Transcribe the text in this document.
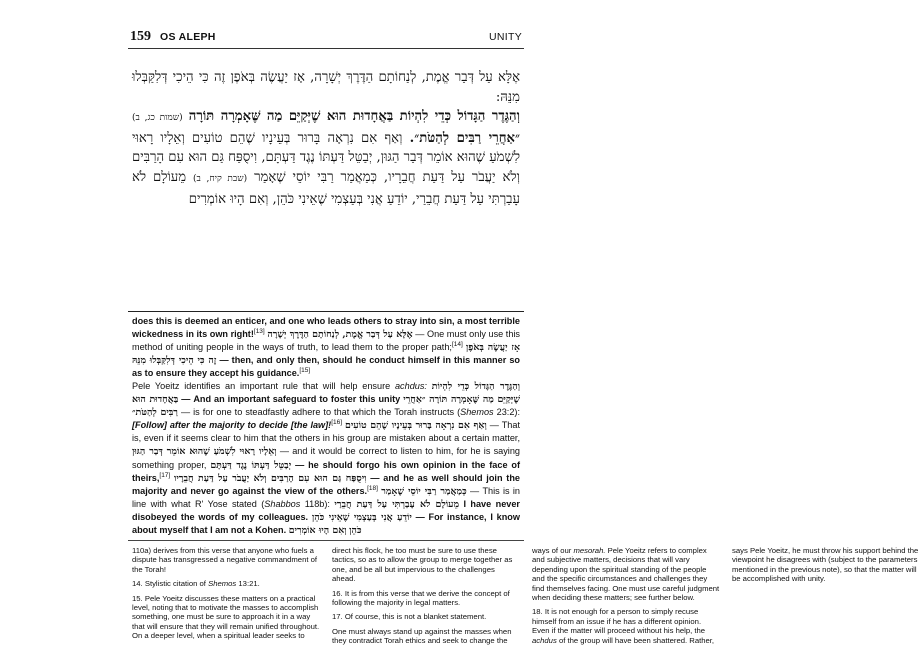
159 OS ALEPH	UNITY
אֶלָּא עַל דְּבַר אֱמֶת, לְנַחוֹתָם הַדֶּרֶךְ יְשָׁרָה, אָז יַעֲשֶׂה בְּאֹפֶן זֶה כִּי הֵיכִי דְּלִקַּבְּלוּ מִנֵּהּ:
וְהַגֶּדֶר הַגָּדוֹל כְּדֵי לִהְיוֹת בַּאֲחָדוּת הוּא שֶׁיְּקַיֵּם מַה שֶּׁאָמְרָה תּוֹרָה (שמות כג, ב) ״אַחֲרֵי רַבִּים לְהַטֹּת״. וְאַף אִם נִרְאָה בָּרוּר בְּעֵינָיו שֶׁהֵם טוֹעִים וְאֵלָיו רָאוּי לִשְׁמֹעַ שֶׁהוּא אוֹמֵר דְּבַר הַגּוּן, יְבַטֵּל דַּעְתּוֹ נֶגֶד דַּעְתָּם, וִיסֻפַּח גַּם הוּא עִם הָרַבִּים וְלֹא יַעֲבֹר עַל דַּעַת חֲבֵרָיו, כְּמַאֲמַר רַבִּי יוֹסֵי שֶׁאָמַר (שבת קיח, ב) מֵעוֹלָם לֹא עָבַרְתִּי עַל דַּעַת חֲבֵרַי, יוֹדֵעַ אֲנִי בְּעַצְמִי שֶׁאֵינִי כֹּהֵן, וְאִם הָיוּ אוֹמְרִים

does this is deemed an enticer, and one who leads others to stray into sin, a most terrible wickedness in its own right![13] אֶלָּא עַל דְּבַר אֱמֶת, לְנַחוֹתָם הַדֶּרֶךְ יְשָׁרָה — One must only use this method of uniting people in the ways of truth, to lead them to the proper path;[14] אָז יַעֲשֶׂה בְּאֹפֶן זֶה כִּי הֵיכִי דְּלִקַּבְּלוּ מִנֵּהּ — then, and only then, should he conduct himself in this manner so as to ensure they accept his guidance.[15]

Pele Yoeitz identifies an important rule that will help ensure achdus: וְהַגֶּדֶר הַגָּדוֹל כְּדֵי לִהְיוֹת בַּאֲחָדוּת הוּא — And an important safeguard to foster this unity שֶׁיְּקַיֵּם מַה שֶּׁאָמְרָה תּוֹרָה ״אַחֲרֵי רַבִּים לְהַטֹּת״ — is for one to steadfastly adhere to that which the Torah instructs (Shemos 23:2): [Follow] after the majority to decide [the law]![16] וְאַף אִם נִרְאָה בָּרוּר בְּעֵינָיו שֶׁהֵם טוֹעִים — That is, even if it seems clear to him that the others in his group are mistaken about a certain matter, וְאֵלָיו רָאוּי לִשְׁמֹעַ שֶׁהוּא אוֹמֵר דְּבַר הַגּוּן — and it would be correct to listen to him, for he is saying something proper, יְבַטֵּל דַּעְתּוֹ נֶגֶד דַּעְתָּם — he should forgo his own opinion in the face of theirs,[17] וִיסֻפַּח גַּם הוּא עִם הָרַבִּים וְלֹא יַעֲבֹר עַל דַּעַת חֲבֵרָיו — and he as well should join the majority and never go against the view of the others.[18] כְּמַאֲמַר רַבִּי יוֹסֵי שֶׁאָמַר — This is in line with what R' Yose stated (Shabbos 118b): מֵעוֹלָם לֹא עָבַרְתִּי עַל דַּעַת חֲבֵרַי I have never disobeyed the words of my colleagues. יוֹדֵעַ אֲנִי בְּעַצְמִי שֶׁאֵינִי כֹּהֵן — For instance, I know about myself that I am not a Kohen. וְאִם הָיוּ אוֹמְרִים כֹּהֵן

110a) derives from this verse that anyone who fuels a dispute has transgressed a negative commandment of the Torah!

14. Stylistic citation of Shemos 13:21.

15. Pele Yoeitz discusses these matters on a practical level, noting that to motivate the masses to accomplish something, one must be sure to approach it in a way that will ensure that they will remain unified throughout. On a deeper level, when a spiritual leader seeks to direct his flock, he too must be sure to use these tactics, so as to allow the group to merge together as one, and be all but impervious to the challenges ahead.

16. It is from this verse that we derive the concept of following the majority in legal matters.

17. Of course, this is not a blanket statement.

One must always stand up against the masses when they contradict Torah ethics and seek to change the ways of our mesorah. Pele Yoeitz refers to complex and subjective matters, decisions that will vary depending upon the spiritual standing of the people and the specific circumstances and challenges they find themselves facing. One must use careful judgment when deciding these matters; see further below.

18. It is not enough for a person to simply recuse himself from an issue if he has a different opinion. Even if the matter will proceed without his help, the achdus of the group will have been shattered. Rather, says Pele Yoeitz, he must throw his support behind the viewpoint he disagrees with (subject to the parameters mentioned in the previous note), so that the matter will be accomplished with unity.
